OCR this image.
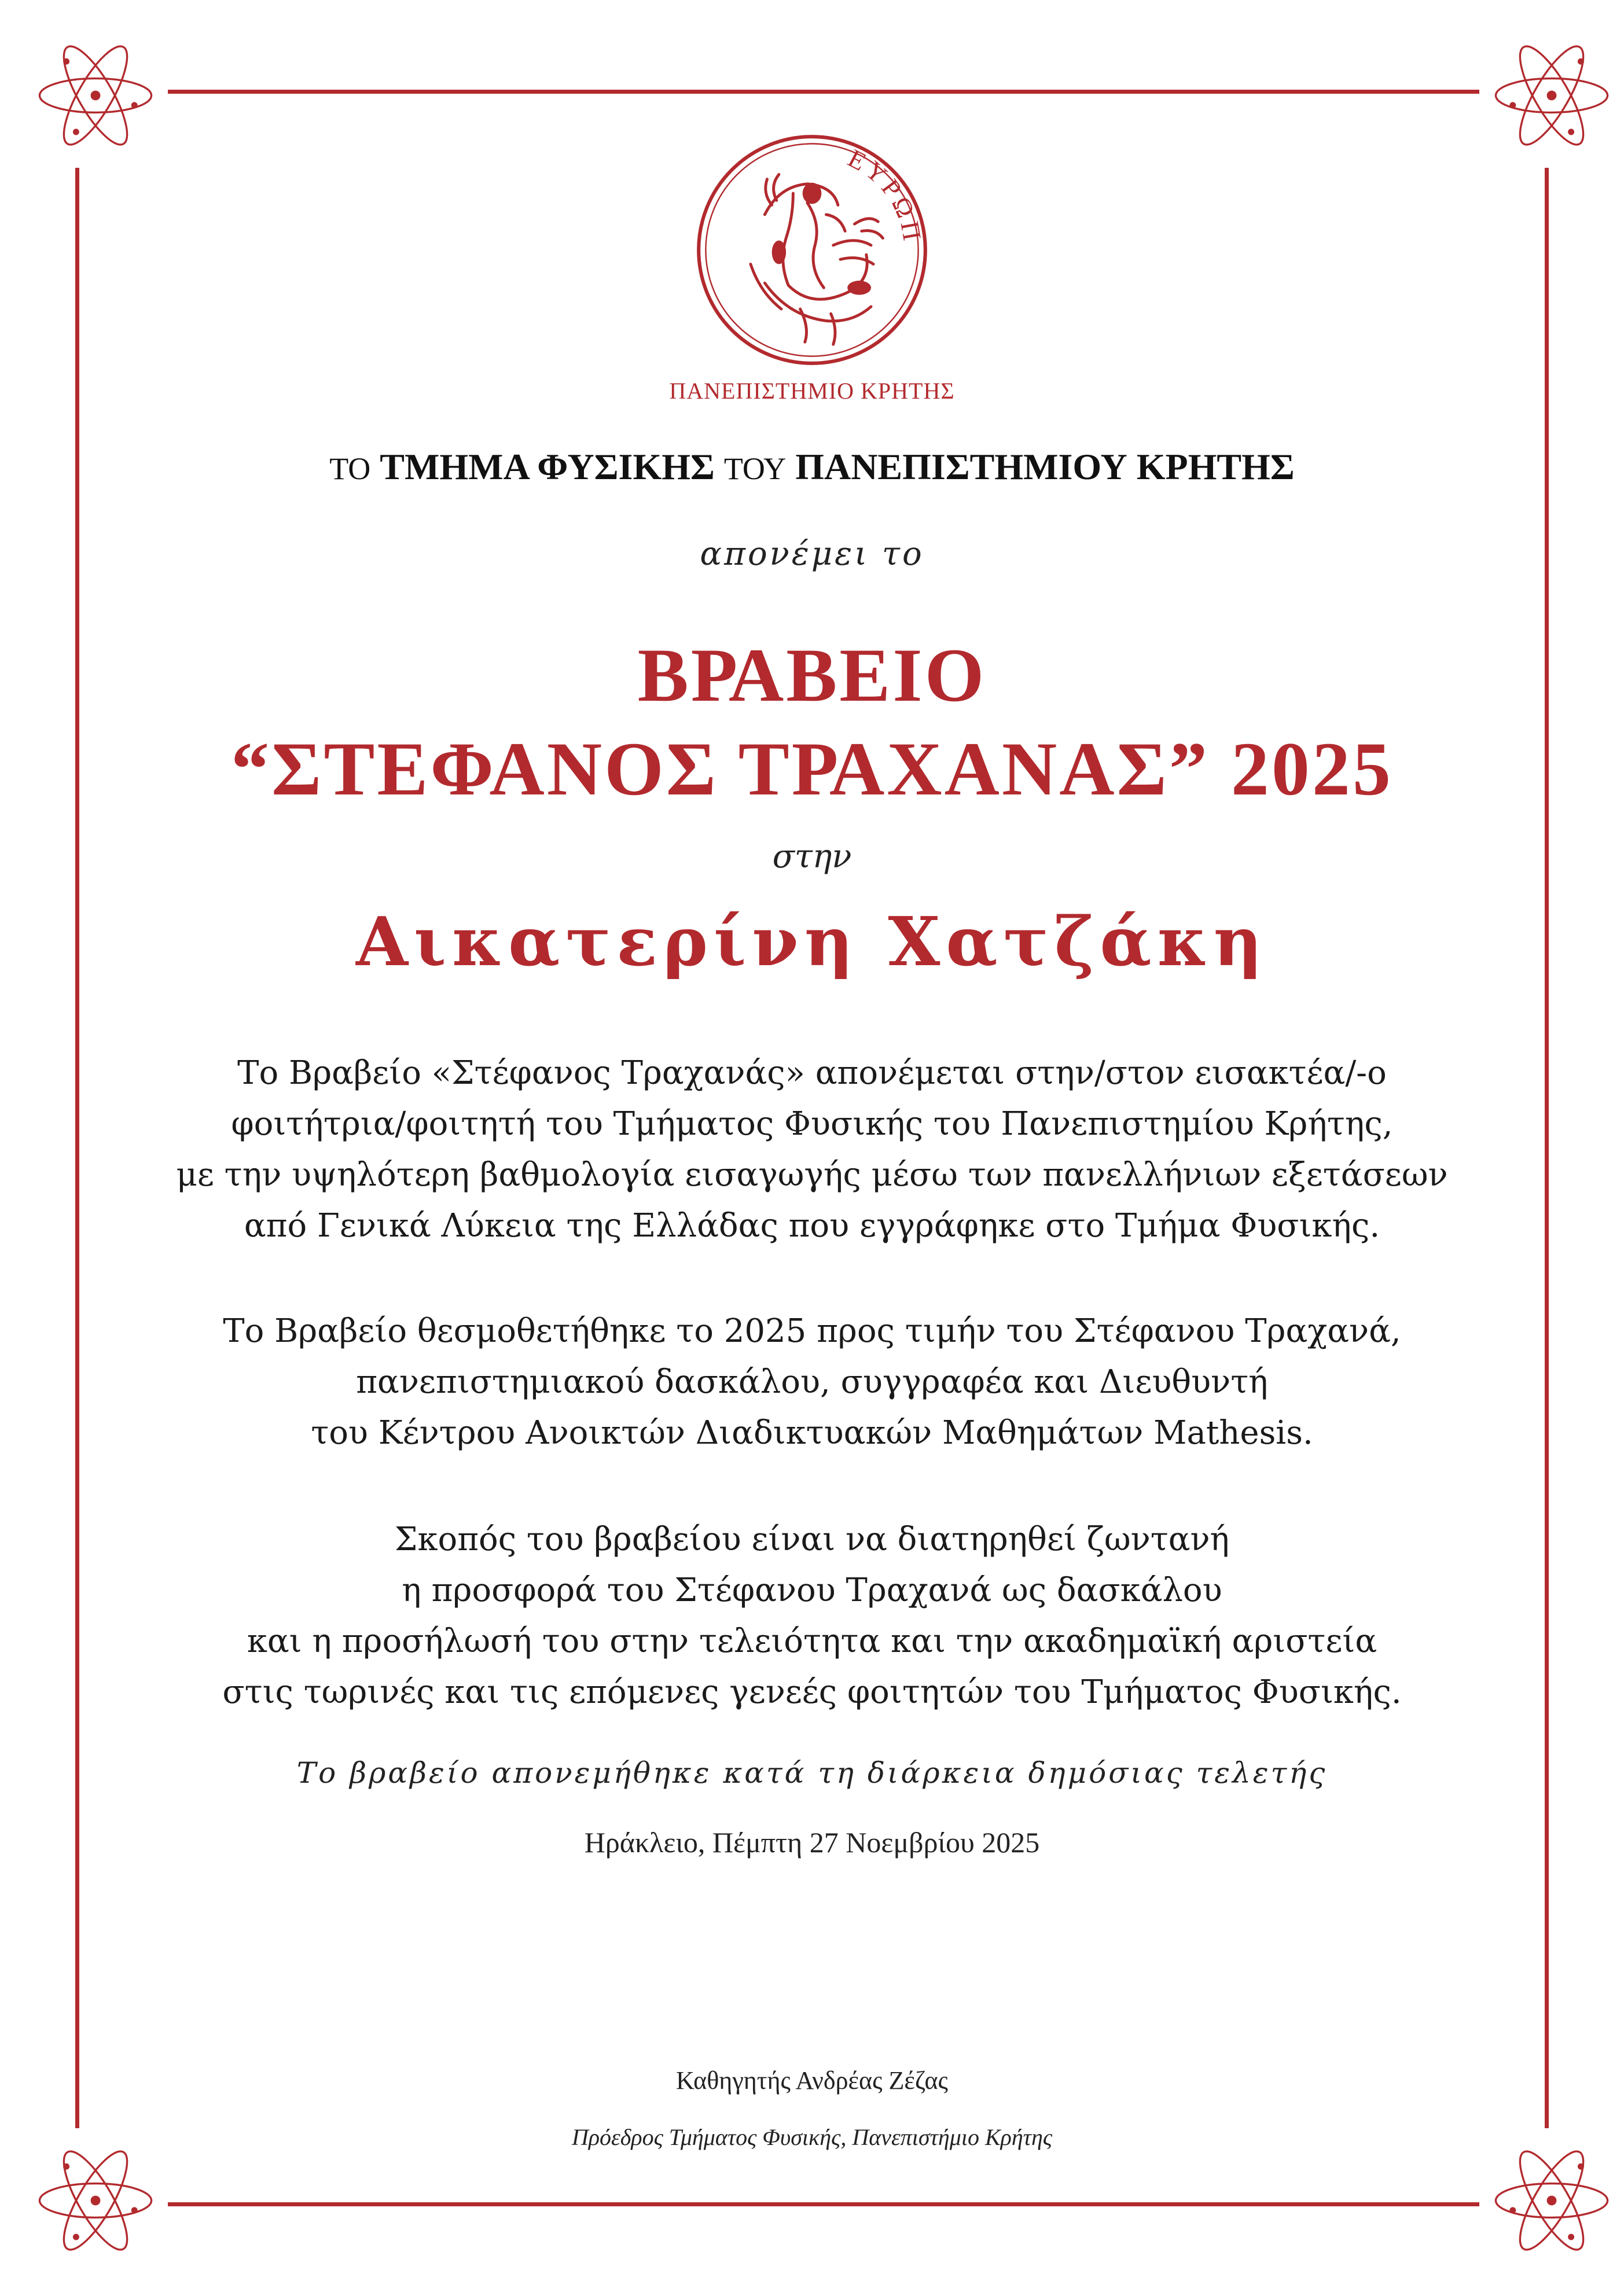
ΕΥΡΩΠ
ΠΑΝΕΠΙΣΤΗΜΙΟ ΚΡΗΤΗΣ
ΤΟ ΤΜΗΜΑ ΦΥΣΙΚΗΣ ΤΟΥ ΠΑΝΕΠΙΣΤΗΜΙΟΥ ΚΡΗΤΗΣ
απονέμει το
ΒΡΑΒΕΙΟ
“ΣΤΕΦΑΝΟΣ ΤΡΑΧΑΝΑΣ” 2025
στην
Αικατερίνη Χατζάκη
Το Βραβείο «Στέφανος Τραχανάς» απονέμεται στην/στον εισακτέα/-ο
φοιτήτρια/φοιτητή του Τμήματος Φυσικής του Πανεπιστημίου Κρήτης,
με την υψηλότερη βαθμολογία εισαγωγής μέσω των πανελλήνιων εξετάσεων
από Γενικά Λύκεια της Ελλάδας που εγγράφηκε στο Τμήμα Φυσικής.
Το Βραβείο θεσμοθετήθηκε το 2025 προς τιμήν του Στέφανου Τραχανά,
πανεπιστημιακού δασκάλου, συγγραφέα και Διευθυντή
του Κέντρου Ανοικτών Διαδικτυακών Μαθημάτων Mathesis.
Σκοπός του βραβείου είναι να διατηρηθεί ζωντανή
η προσφορά του Στέφανου Τραχανά ως δασκάλου
και η προσήλωσή του στην τελειότητα και την ακαδημαϊκή αριστεία
στις τωρινές και τις επόμενες γενεές φοιτητών του Τμήματος Φυσικής.
Το βραβείο απονεμήθηκε κατά τη διάρκεια δημόσιας τελετής
Ηράκλειο, Πέμπτη 27 Νοεμβρίου 2025
Καθηγητής Ανδρέας Ζέζας
Πρόεδρος Τμήματος Φυσικής, Πανεπιστήμιο Κρήτης
